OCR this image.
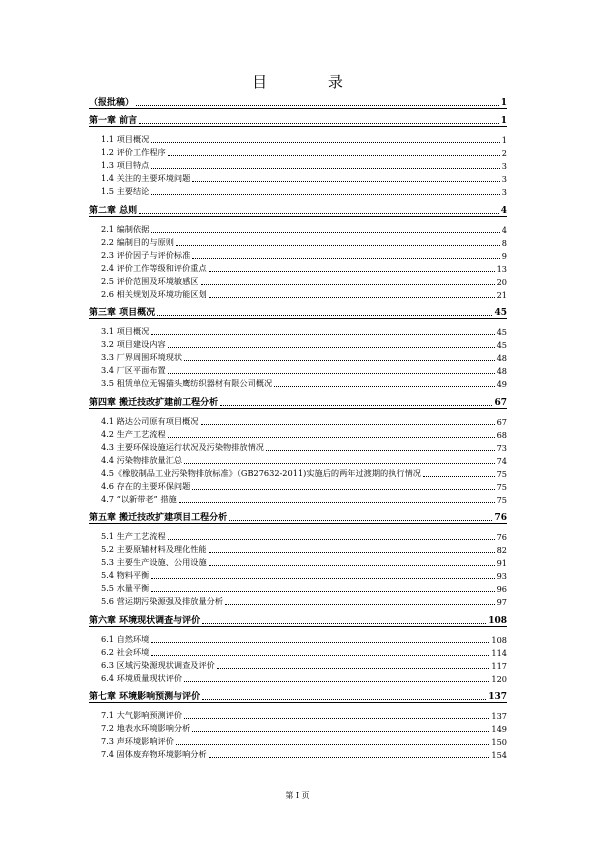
目 录
（报批稿）	1
第一章 前言	1
1.1 项目概况	1
1.2 评价工作程序	2
1.3 项目特点	3
1.4 关注的主要环境问题	3
1.5 主要结论	3
第二章 总则	4
2.1 编制依据	4
2.2 编制目的与原则	8
2.3 评价因子与评价标准	9
2.4 评价工作等级和评价重点	13
2.5 评价范围及环境敏感区	20
2.6 相关规划及环境功能区划	21
第三章 项目概况	45
3.1 项目概况	45
3.2 项目建设内容	45
3.3 厂界周围环境现状	48
3.4 厂区平面布置	48
3.5 租赁单位无锡猫头鹰纺织器材有限公司概况	49
第四章 搬迁技改扩建前工程分析	67
4.1 路达公司原有项目概况	67
4.2 生产工艺流程	68
4.3 主要环保设施运行状况及污染物排放情况	73
4.4 污染物排放量汇总	74
4.5《橡胶制品工业污染物排放标准》（GB27632-2011)实施后的两年过渡期的执行情况	75
4.6 存在的主要环保问题	75
4.7 “以新带老” 措施	75
第五章 搬迁技改扩建项目工程分析	76
5.1 生产工艺流程	76
5.2 主要原辅材料及理化性能	82
5.3 主要生产设施、公用设施	91
5.4 物料平衡	93
5.5 水量平衡	96
5.6 营运期污染源强及排放量分析	97
第六章 环境现状调查与评价	108
6.1 自然环境	108
6.2 社会环境	114
6.3 区域污染源现状调查及评价	117
6.4 环境质量现状评价	120
第七章 环境影响预测与评价	137
7.1 大气影响预测评价	137
7.2 地表水环境影响分析	149
7.3 声环境影响评价	150
7.4 固体废弃物环境影响分析	154
第 I 页
